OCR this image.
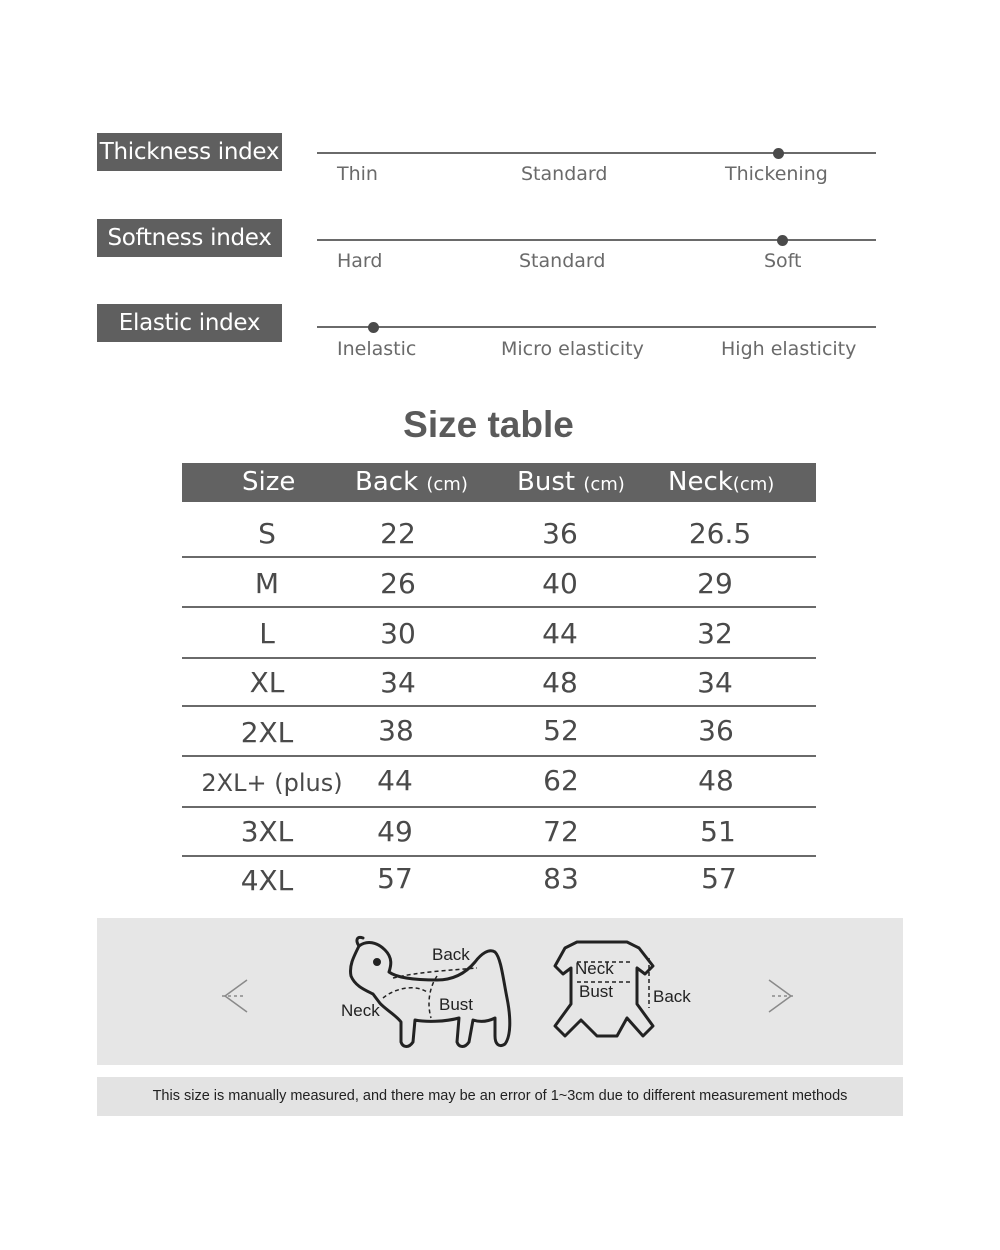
Thickness index
Thin	Standard	Thickening
Softness index
Hard	Standard	Soft
Elastic index
Inelastic	Micro elasticity	High elasticity
Size table
Size Back (cm) Bust (cm) Neck(cm)
S	22	36	26.5
M	26	40	29
L	30	44	32
XL	34	48	34
2XL	38	52	36
2XL+ (plus)	44	62	48
3XL	49	72	51
4XL	57	83	57
Back
Neck	Bust
Neck
Bust Back
This size is manually measured, and there may be an error of 1~3cm due to different measurement methods
